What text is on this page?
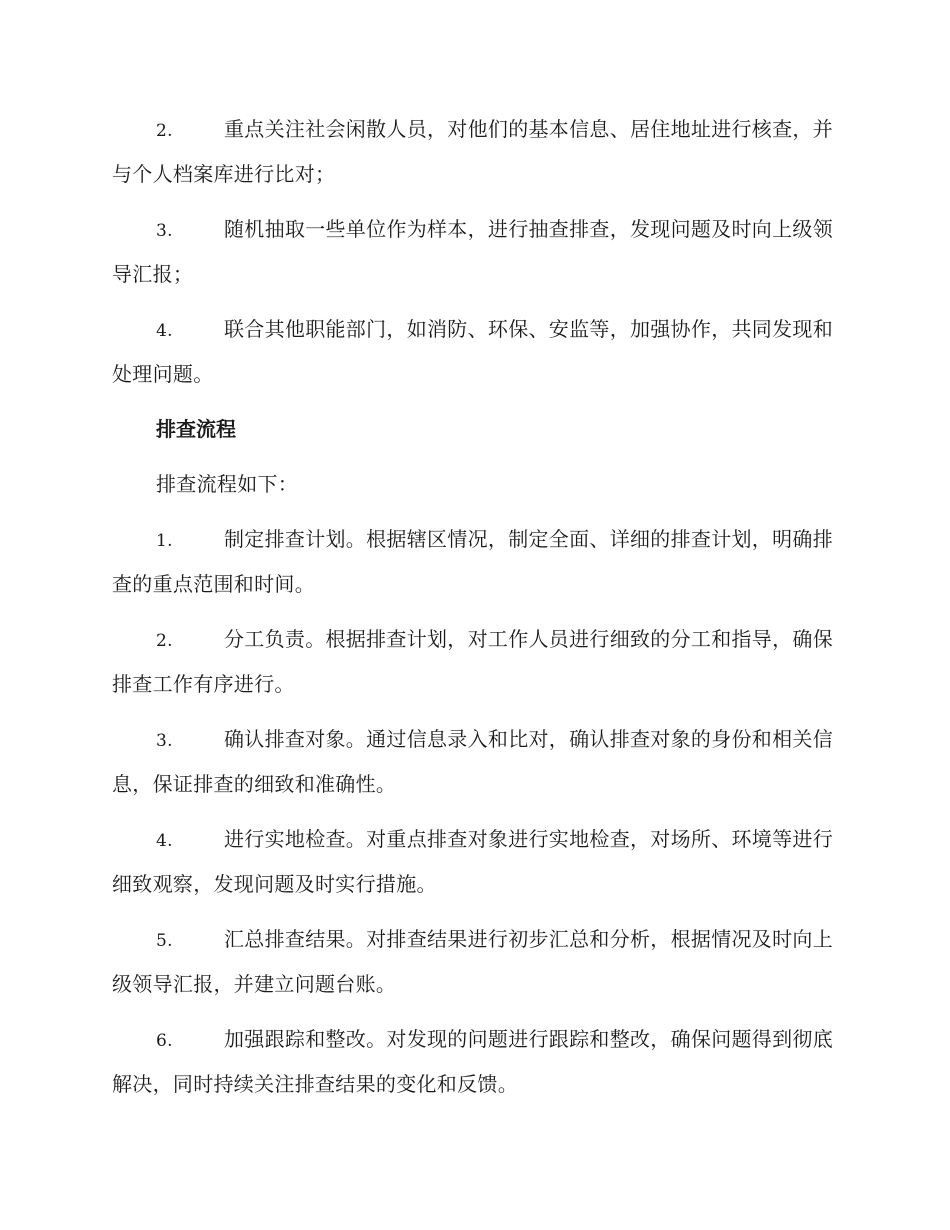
2.	重点关注社会闲散人员，对他们的基本信息、居住地址进行核查，并与个人档案库进行比对；

3.	随机抽取一些单位作为样本，进行抽查排查，发现问题及时向上级领导汇报；

4.	联合其他职能部门，如消防、环保、安监等，加强协作，共同发现和处理问题。

排查流程

排查流程如下：

1.	制定排查计划。根据辖区情况，制定全面、详细的排查计划，明确排查的重点范围和时间。

2.	分工负责。根据排查计划，对工作人员进行细致的分工和指导，确保排查工作有序进行。

3.	确认排查对象。通过信息录入和比对，确认排查对象的身份和相关信息，保证排查的细致和准确性。

4.	进行实地检查。对重点排查对象进行实地检查，对场所、环境等进行细致观察，发现问题及时实行措施。

5.	汇总排查结果。对排查结果进行初步汇总和分析，根据情况及时向上级领导汇报，并建立问题台账。

6.	加强跟踪和整改。对发现的问题进行跟踪和整改，确保问题得到彻底解决，同时持续关注排查结果的变化和反馈。
